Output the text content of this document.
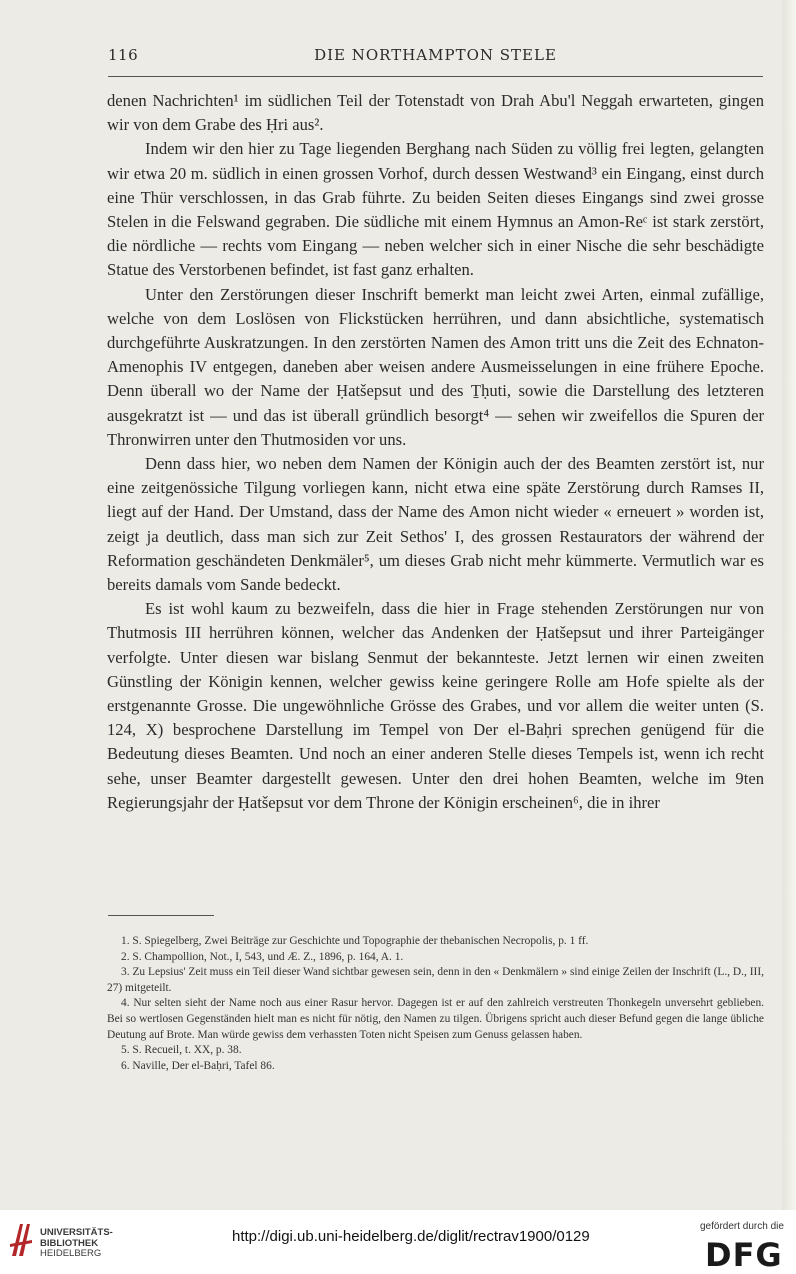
116	DIE NORTHAMPTON STELE

denen Nachrichten¹ im südlichen Teil der Totenstadt von Drah Abu'l Neggah erwarteten, gingen wir von dem Grabe des Ḥri aus².

Indem wir den hier zu Tage liegenden Berghang nach Süden zu völlig frei legten, gelangten wir etwa 20 m. südlich in einen grossen Vorhof, durch dessen Westwand³ ein Eingang, einst durch eine Thür verschlossen, in das Grab führte. Zu beiden Seiten dieses Eingangs sind zwei grosse Stelen in die Felswand gegraben. Die südliche mit einem Hymnus an Amon-Reᶜ ist stark zerstört, die nördliche — rechts vom Eingang — neben welcher sich in einer Nische die sehr beschädigte Statue des Verstorbenen befindet, ist fast ganz erhalten.

Unter den Zerstörungen dieser Inschrift bemerkt man leicht zwei Arten, einmal zufällige, welche von dem Loslösen von Flickstücken herrühren, und dann absichtliche, systematisch durchgeführte Auskratzungen. In den zerstörten Namen des Amon tritt uns die Zeit des Echnaton-Amenophis IV entgegen, daneben aber weisen andere Ausmeisselungen in eine frühere Epoche. Denn überall wo der Name der Ḥatšepsut und des Ṯḥuti, sowie die Darstellung des letzteren ausgekratzt ist — und das ist überall gründlich besorgt⁴ — sehen wir zweifellos die Spuren der Thronwirren unter den Thutmosiden vor uns.

Denn dass hier, wo neben dem Namen der Königin auch der des Beamten zerstört ist, nur eine zeitgenössiche Tilgung vorliegen kann, nicht etwa eine späte Zerstörung durch Ramses II, liegt auf der Hand. Der Umstand, dass der Name des Amon nicht wieder « erneuert » worden ist, zeigt ja deutlich, dass man sich zur Zeit Sethos' I, des grossen Restaurators der während der Reformation geschändeten Denkmäler⁵, um dieses Grab nicht mehr kümmerte. Vermutlich war es bereits damals vom Sande bedeckt.

Es ist wohl kaum zu bezweifeln, dass die hier in Frage stehenden Zerstörungen nur von Thutmosis III herrühren können, welcher das Andenken der Ḥatšepsut und ihrer Parteigänger verfolgte. Unter diesen war bislang Senmut der bekannteste. Jetzt lernen wir einen zweiten Günstling der Königin kennen, welcher gewiss keine geringere Rolle am Hofe spielte als der erstgenannte Grosse. Die ungewöhnliche Grösse des Grabes, und vor allem die weiter unten (S. 124, X) besprochene Darstellung im Tempel von Der el-Baḥri sprechen genügend für die Bedeutung dieses Beamten. Und noch an einer anderen Stelle dieses Tempels ist, wenn ich recht sehe, unser Beamter dargestellt gewesen. Unter den drei hohen Beamten, welche im 9ten Regierungsjahr der Ḥatšepsut vor dem Throne der Königin erscheinen⁶, die in ihrer

1. S. Spiegelberg, Zwei Beiträge zur Geschichte und Topographie der thebanischen Necropolis, p. 1 ff.

2. S. Champollion, Not., I, 543, und Æ. Z., 1896, p. 164, A. 1.

3. Zu Lepsius' Zeit muss ein Teil dieser Wand sichtbar gewesen sein, denn in den « Denkmälern » sind einige Zeilen der Inschrift (L., D., III, 27) mitgeteilt.

4. Nur selten sieht der Name noch aus einer Rasur hervor. Dagegen ist er auf den zahlreich verstreuten Thonkegeln unversehrt geblieben. Bei so wertlosen Gegenständen hielt man es nicht für nötig, den Namen zu tilgen. Übrigens spricht auch dieser Befund gegen die lange übliche Deutung auf Brote. Man würde gewiss dem verhassten Toten nicht Speisen zum Genuss gelassen haben.

5. S. Recueil, t. XX, p. 38.

6. Naville, Der el-Baḥri, Tafel 86.

UNIVERSITÄTS-
BIBLIOTHEK
HEIDELBERG
http://digi.ub.uni-heidelberg.de/diglit/rectrav1900/0129
gefördert durch die
DFG
